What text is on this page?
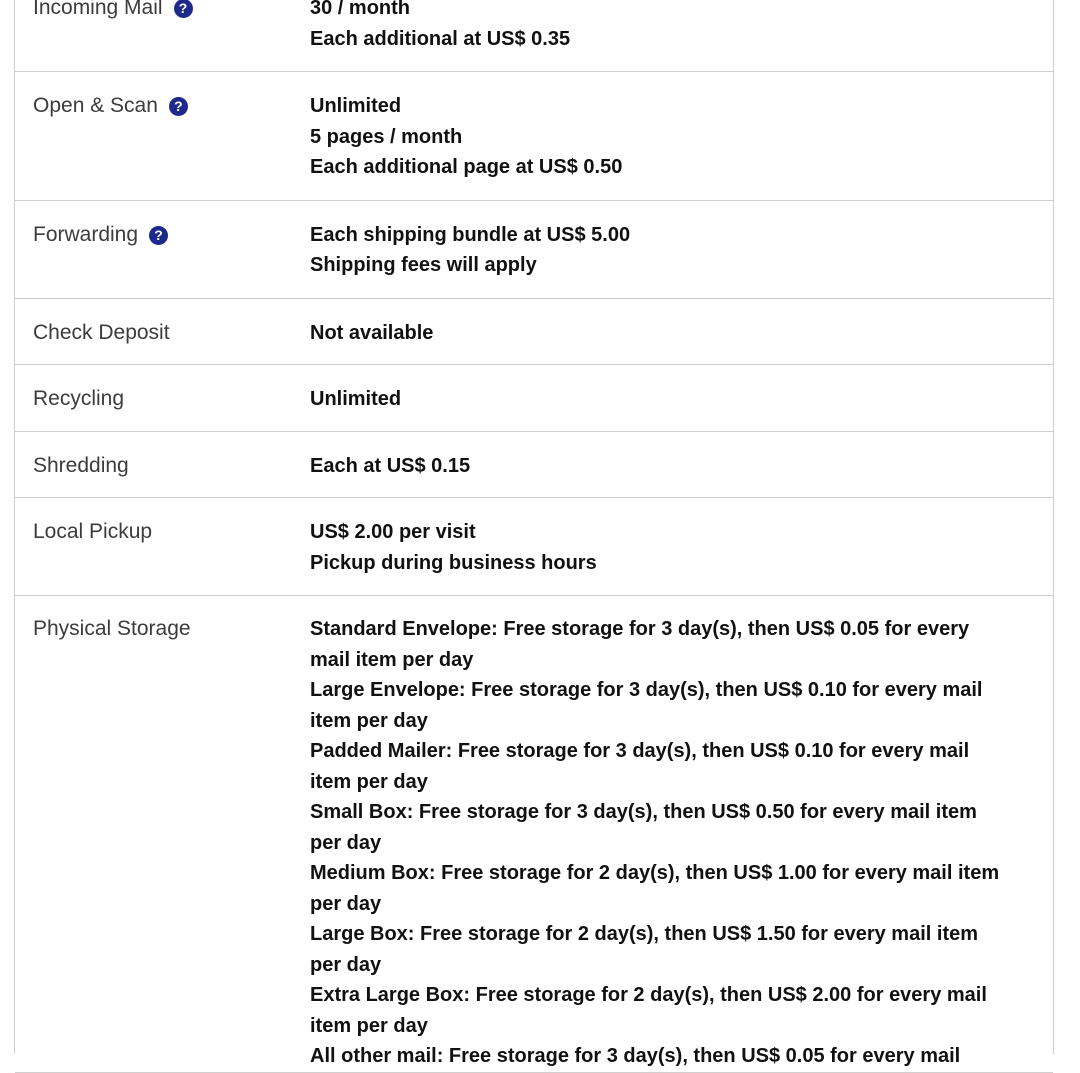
Incoming Mail	?	30 / month
Each additional at US$ 0.35
Open & Scan	?	Unlimited
5 pages / month
Each additional page at US$ 0.50
Forwarding	?	Each shipping bundle at US$ 5.00
Shipping fees will apply
Check Deposit	Not available
Recycling	Unlimited
Shredding	Each at US$ 0.15
Local Pickup	US$ 2.00 per visit
Pickup during business hours
Physical Storage	Standard Envelope: Free storage for 3 day(s), then US$ 0.05 for every
mail item per day
Large Envelope: Free storage for 3 day(s), then US$ 0.10 for every mail
item per day
Padded Mailer: Free storage for 3 day(s), then US$ 0.10 for every mail
item per day
Small Box: Free storage for 3 day(s), then US$ 0.50 for every mail item
per day
Medium Box: Free storage for 2 day(s), then US$ 1.00 for every mail item
per day
Large Box: Free storage for 2 day(s), then US$ 1.50 for every mail item
per day
Extra Large Box: Free storage for 2 day(s), then US$ 2.00 for every mail
item per day
All other mail: Free storage for 3 day(s), then US$ 0.05 for every mail
